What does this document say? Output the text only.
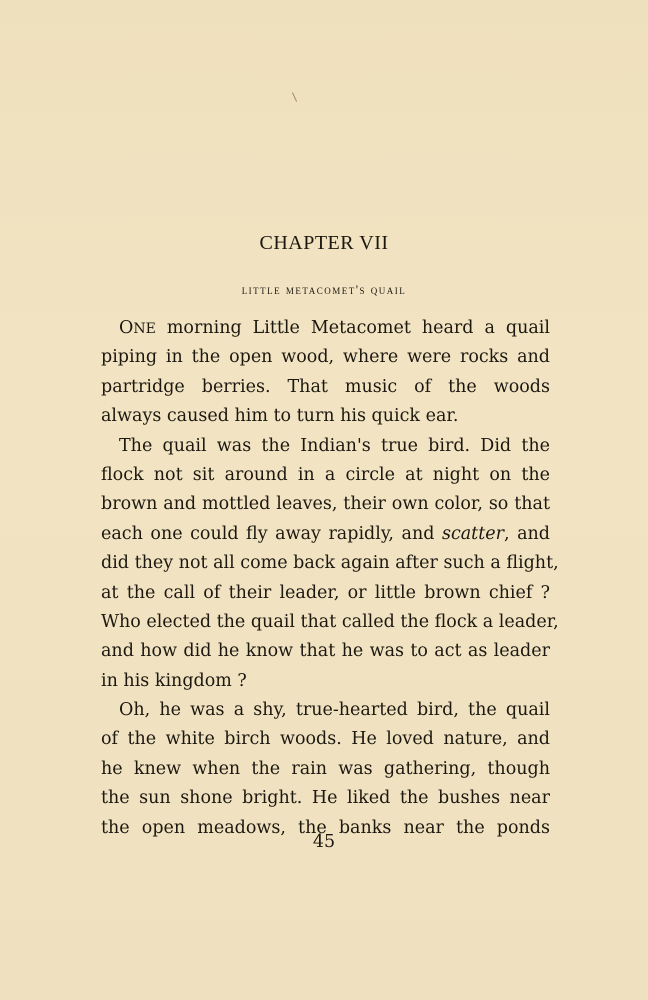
CHAPTER VII
little metacomet's quail
ONE morning Little Metacomet heard a quail
piping in the open wood, where were rocks and
partridge berries. That music of the woods
always caused him to turn his quick ear.
The quail was the Indian's true bird. Did the
flock not sit around in a circle at night on the
brown and mottled leaves, their own color, so that
each one could fly away rapidly, and scatter, and
did they not all come back again after such a flight,
at the call of their leader, or little brown chief ?
Who elected the quail that called the flock a leader,
and how did he know that he was to act as leader
in his kingdom ?
Oh, he was a shy, true-hearted bird, the quail
of the white birch woods. He loved nature, and
he knew when the rain was gathering, though
the sun shone bright. He liked the bushes near
the open meadows, the banks near the ponds
45
